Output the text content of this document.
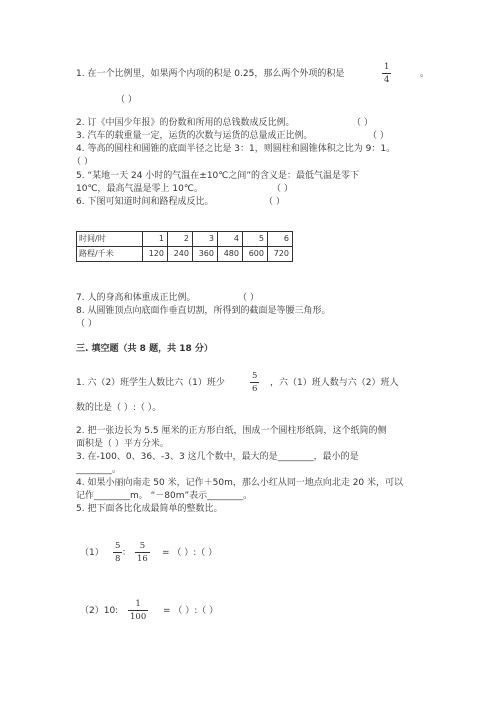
1. 在一个比例里，如果两个内项的积是 0.25，那么两个外项的积是
1
4
。
（ ）
2. 订《中国少年报》的份数和所用的总钱数成反比例。	（ ）
3. 汽车的载重量一定，运货的次数与运货的总量成正比例。	（ ）
4. 等高的圆柱和圆锥的底面半径之比是 3：1，则圆柱和圆锥体积之比为 9：1。
（ ）
5. “某地一天 24 小时的气温在±10℃之间”的含义是：最低气温是零下
10℃，最高气温是零上 10℃。	（ ）
6. 下图可知道时间和路程成反比。	（ ）
时间/时	1	2	3	4	5	6
路程/千米	120	240	360	480	600	720
7. 人的身高和体重成正比例。	（ ）
8. 从圆锥顶点向底面作垂直切割，所得到的截面是等腰三角形。
（ ）
三. 填空题（共 8 题，共 18 分）
1. 六（2）班学生人数比六（1）班少
5
6
，六（1）班人数与六（2）班人
数的比是（ ）:（ ）。
2. 把一张边长为 5.5 厘米的正方形白纸，围成一个圆柱形纸筒，这个纸筒的侧
面积是（ ）平方分米。
3. 在-100、0、36、-3、3 这几个数中，最大的是________，最小的是
________。
4. 如果小丽向南走 50 米，记作＋50m，那么小红从同一地点向北走 20 米，可以
记作________m。 “－80m”表示________。
5. 把下面各比化成最简单的整数比。
（1）
5
8
：
5
16
= （ ）:（ ）
（2）10:
1
100
= （ ）:（ ）
